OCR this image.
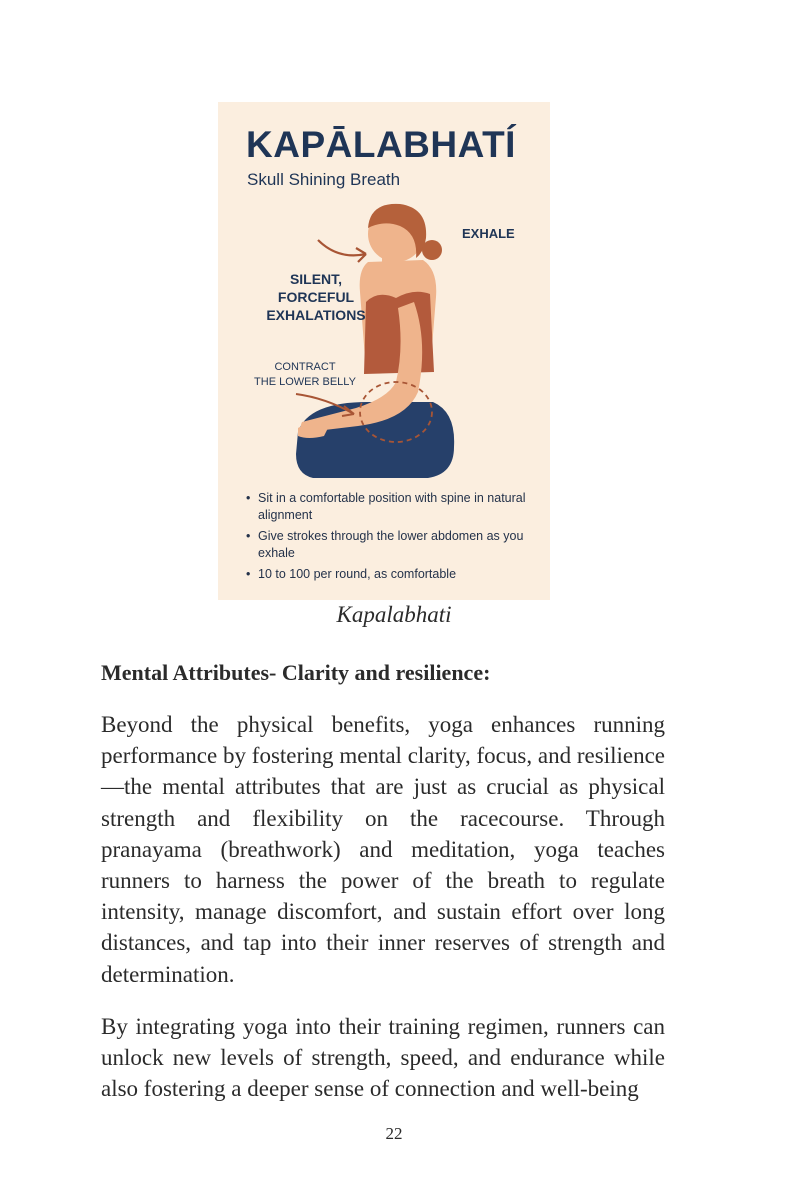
KAPĀLABHATÍ
Skull Shining Breath
EXHALE
SILENT,
FORCEFUL
EXHALATIONS
CONTRACT
THE LOWER BELLY
• Sit in a comfortable position with spine in natural alignment
• Give strokes through the lower abdomen as you exhale
• 10 to 100 per round, as comfortable
Kapalabhati
Mental Attributes- Clarity and resilience:

Beyond the physical benefits, yoga enhances running performance by fostering mental clarity, focus, and resilience—the mental attributes that are just as crucial as physical strength and flexibility on the racecourse. Through pranayama (breathwork) and meditation, yoga teaches runners to harness the power of the breath to regulate intensity, manage discomfort, and sustain effort over long distances, and tap into their inner reserves of strength and determination.

By integrating yoga into their training regimen, runners can unlock new levels of strength, speed, and endurance while also fostering a deeper sense of connection and well-being

22
